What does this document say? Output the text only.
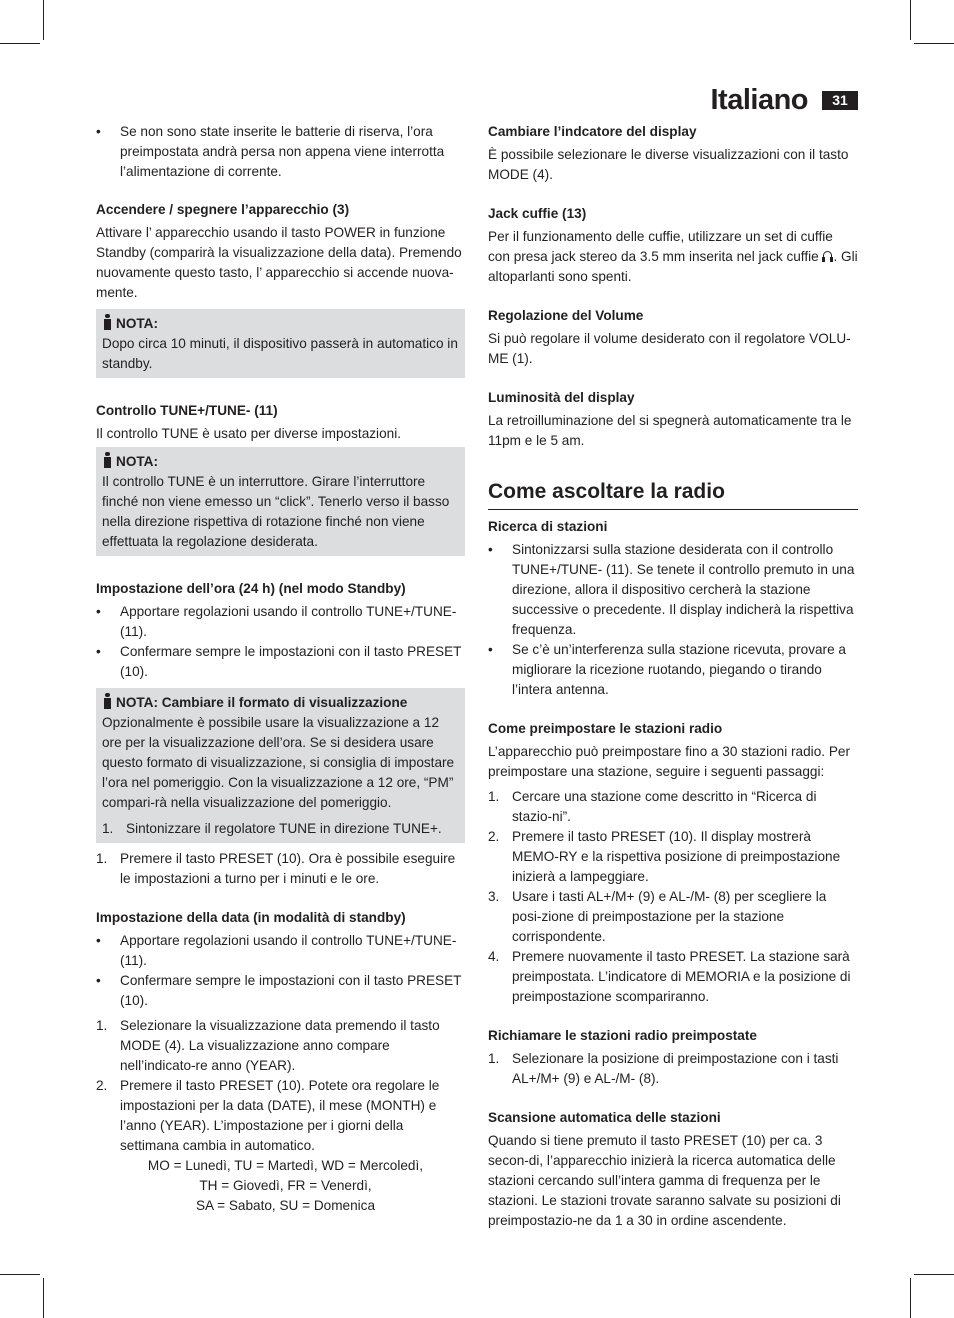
Italiano	31
• Se non sono state inserite le batterie di riserva, l’ora preimpostata andrà persa non appena viene interrotta l’alimentazione di corrente.

Accendere / spegnere l’apparecchio (3)

Attivare l’ apparecchio usando il tasto POWER in funzione Standby (comparirà la visualizzazione della data). Premendo nuovamente questo tasto, l’ apparecchio si accende nuova-mente.

NOTA:
Dopo circa 10 minuti, il dispositivo passerà in automatico in standby.

Controllo TUNE+/TUNE- (11)

Il controllo TUNE è usato per diverse impostazioni.

NOTA:
Il controllo TUNE è un interruttore. Girare l’interruttore finché non viene emesso un “click”. Tenerlo verso il basso nella direzione rispettiva di rotazione finché non viene effettuata la regolazione desiderata.

Impostazione dell’ora (24 h) (nel modo Standby)

• Apportare regolazioni usando il controllo TUNE+/TUNE- (11).
• Confermare sempre le impostazioni con il tasto PRESET (10).
NOTA: Cambiare il formato di visualizzazione
Opzionalmente è possibile usare la visualizzazione a 12 ore per la visualizzazione dell’ora. Se si desidera usare questo formato di visualizzazione, si consiglia di impostare l’ora nel pomeriggio. Con la visualizzazione a 12 ore, “PM” compari-rà nella visualizzazione del pomeriggio.
1. Sintonizzare il regolatore TUNE in direzione TUNE+.
1. Premere il tasto PRESET (10). Ora è possibile eseguire le impostazioni a turno per i minuti e le ore.

Impostazione della data (in modalità di standby)

• Apportare regolazioni usando il controllo TUNE+/TUNE- (11).
• Confermare sempre le impostazioni con il tasto PRESET (10).
1. Selezionare la visualizzazione data premendo il tasto MODE (4). La visualizzazione anno compare nell’indicato-re anno (YEAR).
2. Premere il tasto PRESET (10). Potete ora regolare le impostazioni per la data (DATE), il mese (MONTH) e l’anno (YEAR). L’impostazione per i giorni della settimana cambia in automatico.
MO = Lunedì, TU = Martedì, WD = Mercoledì,
TH = Giovedì, FR = Venerdì,
SA = Sabato, SU = Domenica

Cambiare l’indcatore del display

È possibile selezionare le diverse visualizzazioni con il tasto MODE (4).

Jack cuffie (13)

Per il funzionamento delle cuffie, utilizzare un set di cuffie con presa jack stereo da 3.5 mm inserita nel jack cuffie . Gli altoparlanti sono spenti.

Regolazione del Volume

Si può regolare il volume desiderato con il regolatore VOLU-ME (1).

Luminosità del display

La retroilluminazione del si spegnerà automaticamente tra le 11pm e le 5 am.

Come ascoltare la radio

Ricerca di stazioni

• Sintonizzarsi sulla stazione desiderata con il controllo TUNE+/TUNE- (11). Se tenete il controllo premuto in una direzione, allora il dispositivo cercherà la stazione successive o precedente. Il display indicherà la rispettiva frequenza.
• Se c’è un’interferenza sulla stazione ricevuta, provare a migliorare la ricezione ruotando, piegando o tirando l’intera antenna.

Come preimpostare le stazioni radio

L’apparecchio può preimpostare fino a 30 stazioni radio. Per preimpostare una stazione, seguire i seguenti passaggi:

1. Cercare una stazione come descritto in “Ricerca di stazio-ni”.
2. Premere il tasto PRESET (10). Il display mostrerà MEMO-RY e la rispettiva posizione di preimpostazione inizierà a lampeggiare.
3. Usare i tasti AL+/M+ (9) e AL-/M- (8) per scegliere la posi-zione di preimpostazione per la stazione corrispondente.
4. Premere nuovamente il tasto PRESET. La stazione sarà preimpostata. L’indicatore di MEMORIA e la posizione di preimpostazione scompariranno.

Richiamare le stazioni radio preimpostate

1. Selezionare la posizione di preimpostazione con i tasti AL+/M+ (9) e AL-/M- (8).

Scansione automatica delle stazioni

Quando si tiene premuto il tasto PRESET (10) per ca. 3 secon-di, l’apparecchio inizierà la ricerca automatica delle stazioni cercando sull’intera gamma di frequenza per le stazioni. Le stazioni trovate saranno salvate su posizioni di preimpostazio-ne da 1 a 30 in ordine ascendente.
